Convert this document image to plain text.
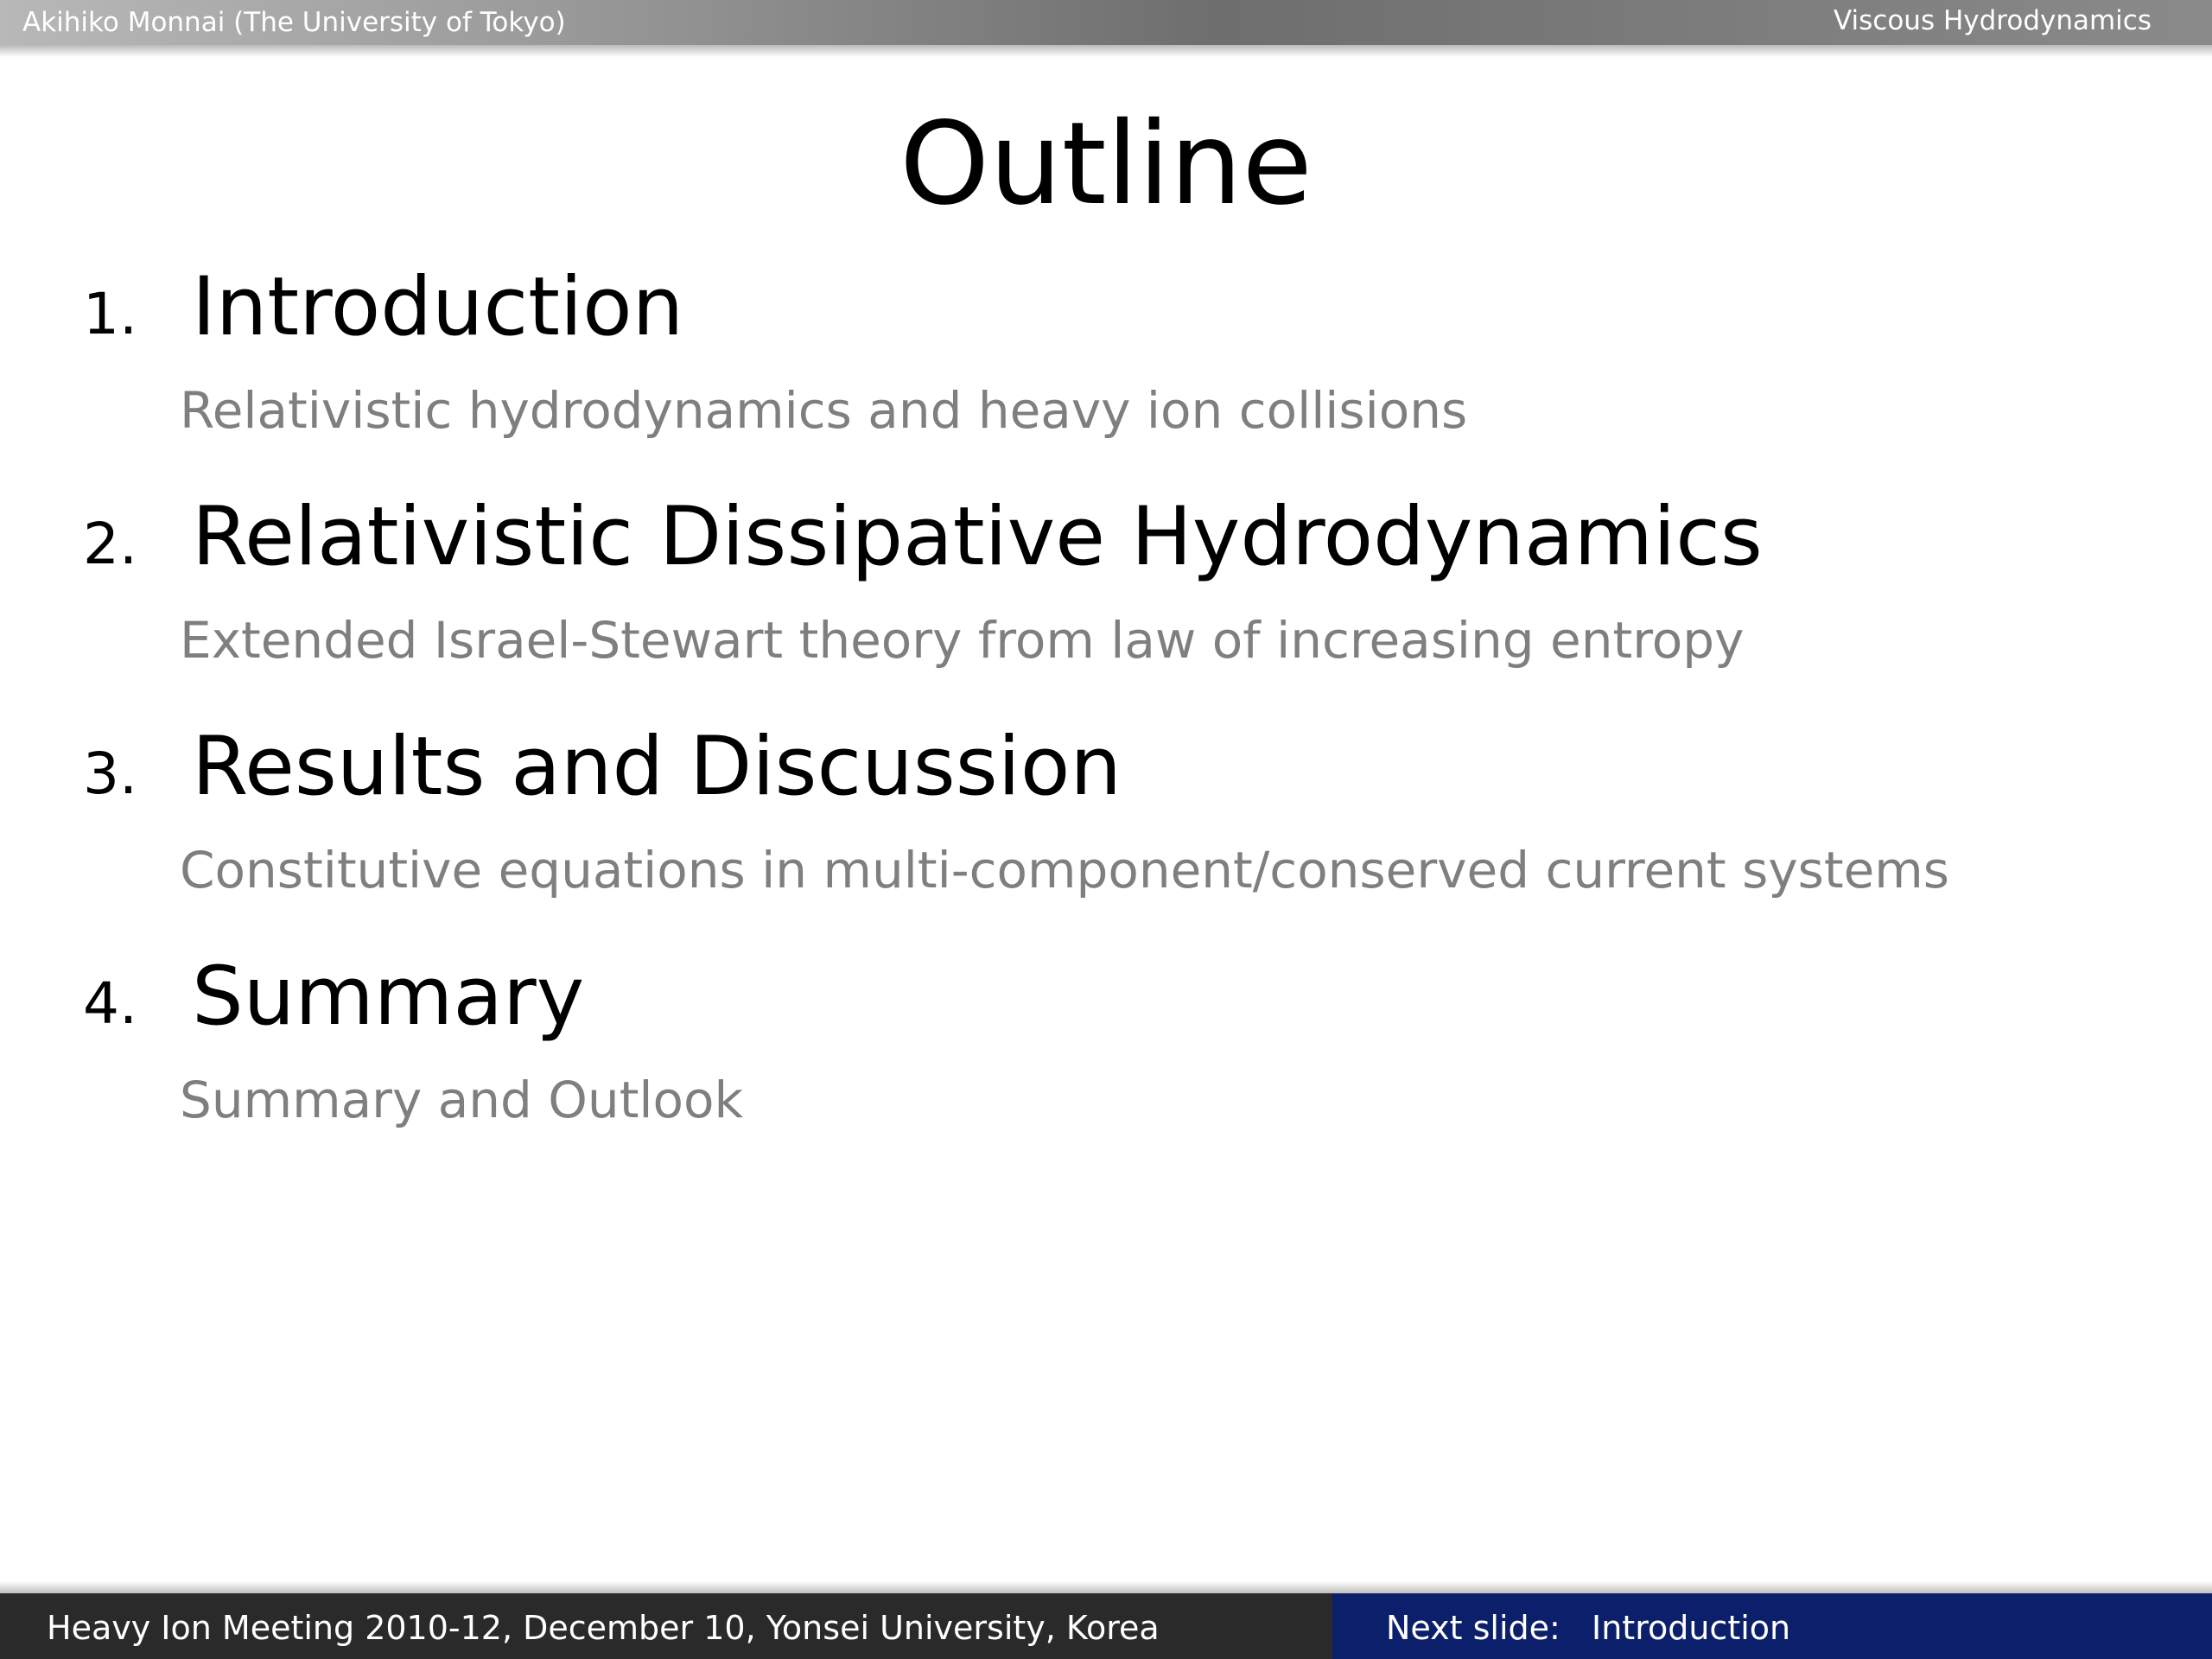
Akihiko Monnai (The University of Tokyo)	Viscous Hydrodynamics
Outline
1. Introduction
Relativistic hydrodynamics and heavy ion collisions
2. Relativistic Dissipative Hydrodynamics
Extended Israel-Stewart theory from law of increasing entropy
3. Results and Discussion
Constitutive equations in multi-component/conserved current systems
4. Summary
Summary and Outlook
Heavy Ion Meeting 2010-12, December 10, Yonsei University, Korea	Next slide: Introduction
